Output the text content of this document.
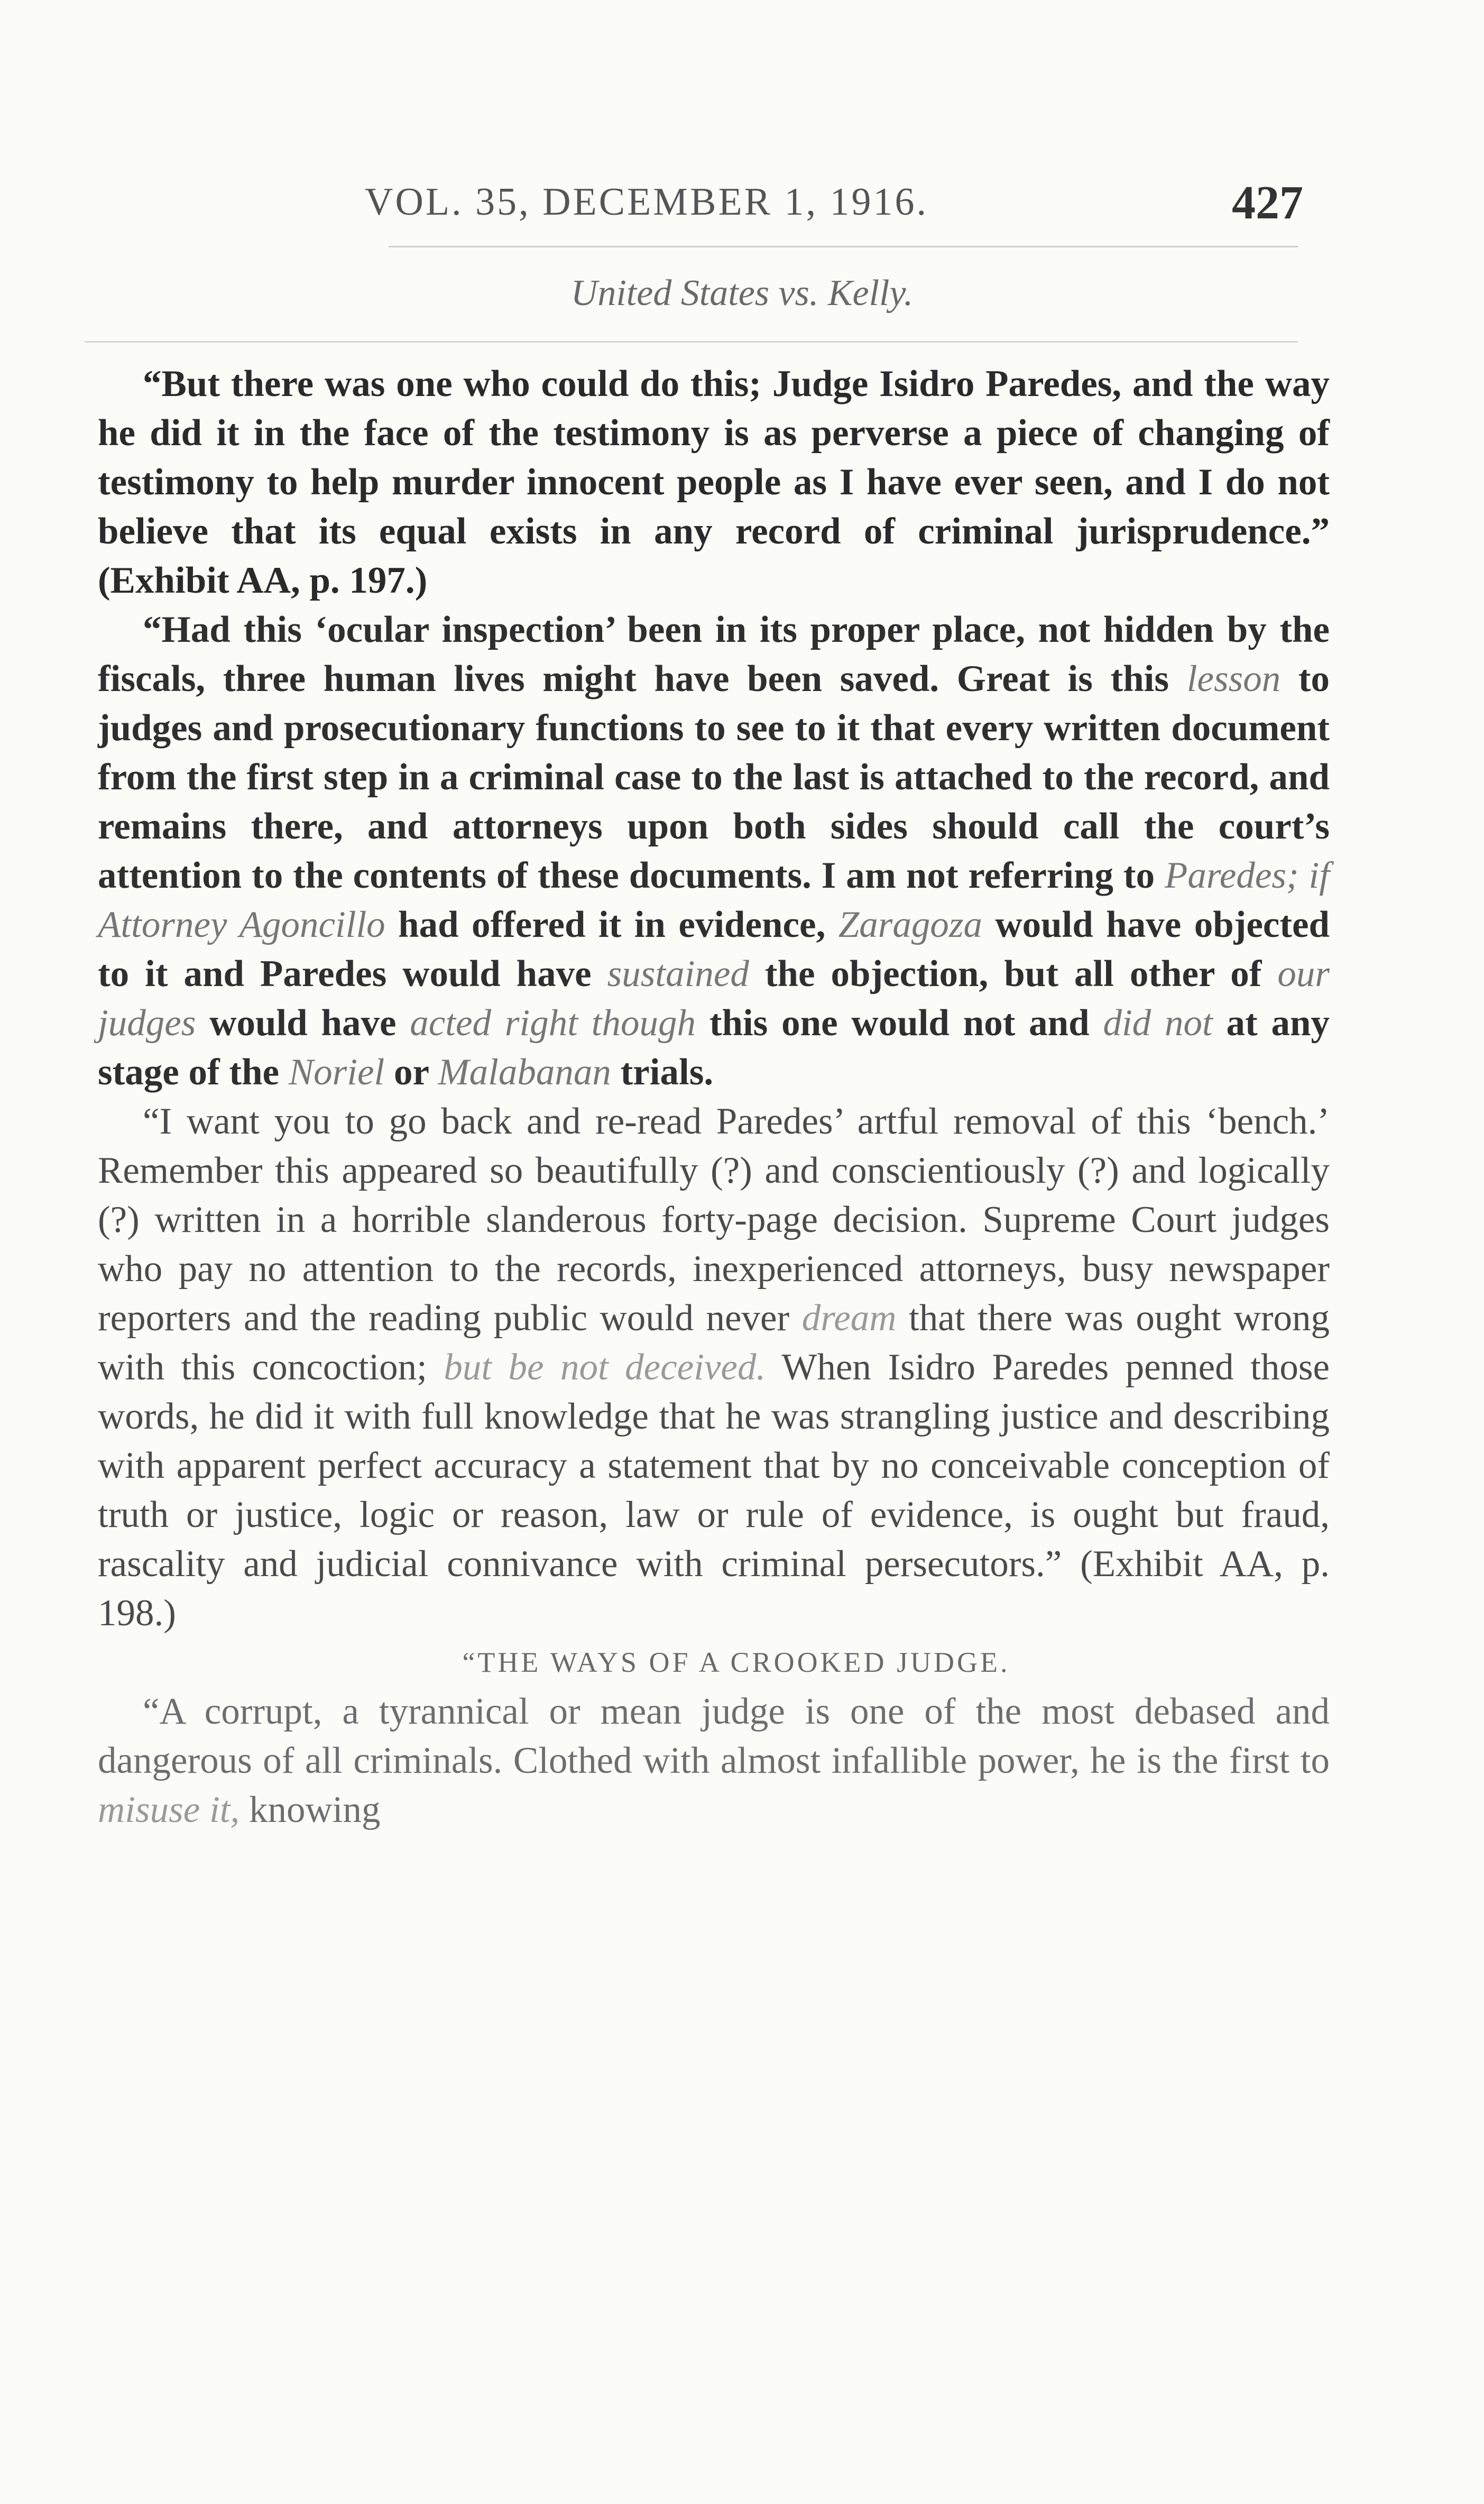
VOL. 35, DECEMBER 1, 1916.	427
United States vs. Kelly.

“But there was one who could do this; Judge Isidro Paredes, and the way he did it in the face of the testimony is as perverse a piece of changing of testimony to help murder innocent people as I have ever seen, and I do not believe that its equal exists in any record of criminal jurisprudence.” (Exhibit AA, p. 197.)

“Had this ‘ocular inspection’ been in its proper place, not hidden by the fiscals, three human lives might have been saved. Great is this lesson to judges and prosecutionary functions to see to it that every written document from the first step in a criminal case to the last is attached to the record, and remains there, and attorneys upon both sides should call the court’s attention to the contents of these documents. I am not referring to Paredes; if Attorney Agoncillo had offered it in evidence, Zaragoza would have objected to it and Paredes would have sustained the objection, but all other of our judges would have acted right though this one would not and did not at any stage of the Noriel or Malabanan trials.

“I want you to go back and re-read Paredes’ artful removal of this ‘bench.’ Remember this appeared so beautifully (?) and conscientiously (?) and logically (?) written in a horrible slanderous forty-page decision. Supreme Court judges who pay no attention to the records, inexperienced attorneys, busy newspaper reporters and the reading public would never dream that there was ought wrong with this concoction; but be not deceived. When Isidro Paredes penned those words, he did it with full knowledge that he was strangling justice and describing with apparent perfect accuracy a statement that by no conceivable conception of truth or justice, logic or reason, law or rule of evidence, is ought but fraud, rascality and judicial connivance with criminal persecutors.” (Exhibit AA, p. 198.)

“THE WAYS OF A CROOKED JUDGE.

“A corrupt, a tyrannical or mean judge is one of the most debased and dangerous of all criminals. Clothed with almost infallible power, he is the first to misuse it, knowing
